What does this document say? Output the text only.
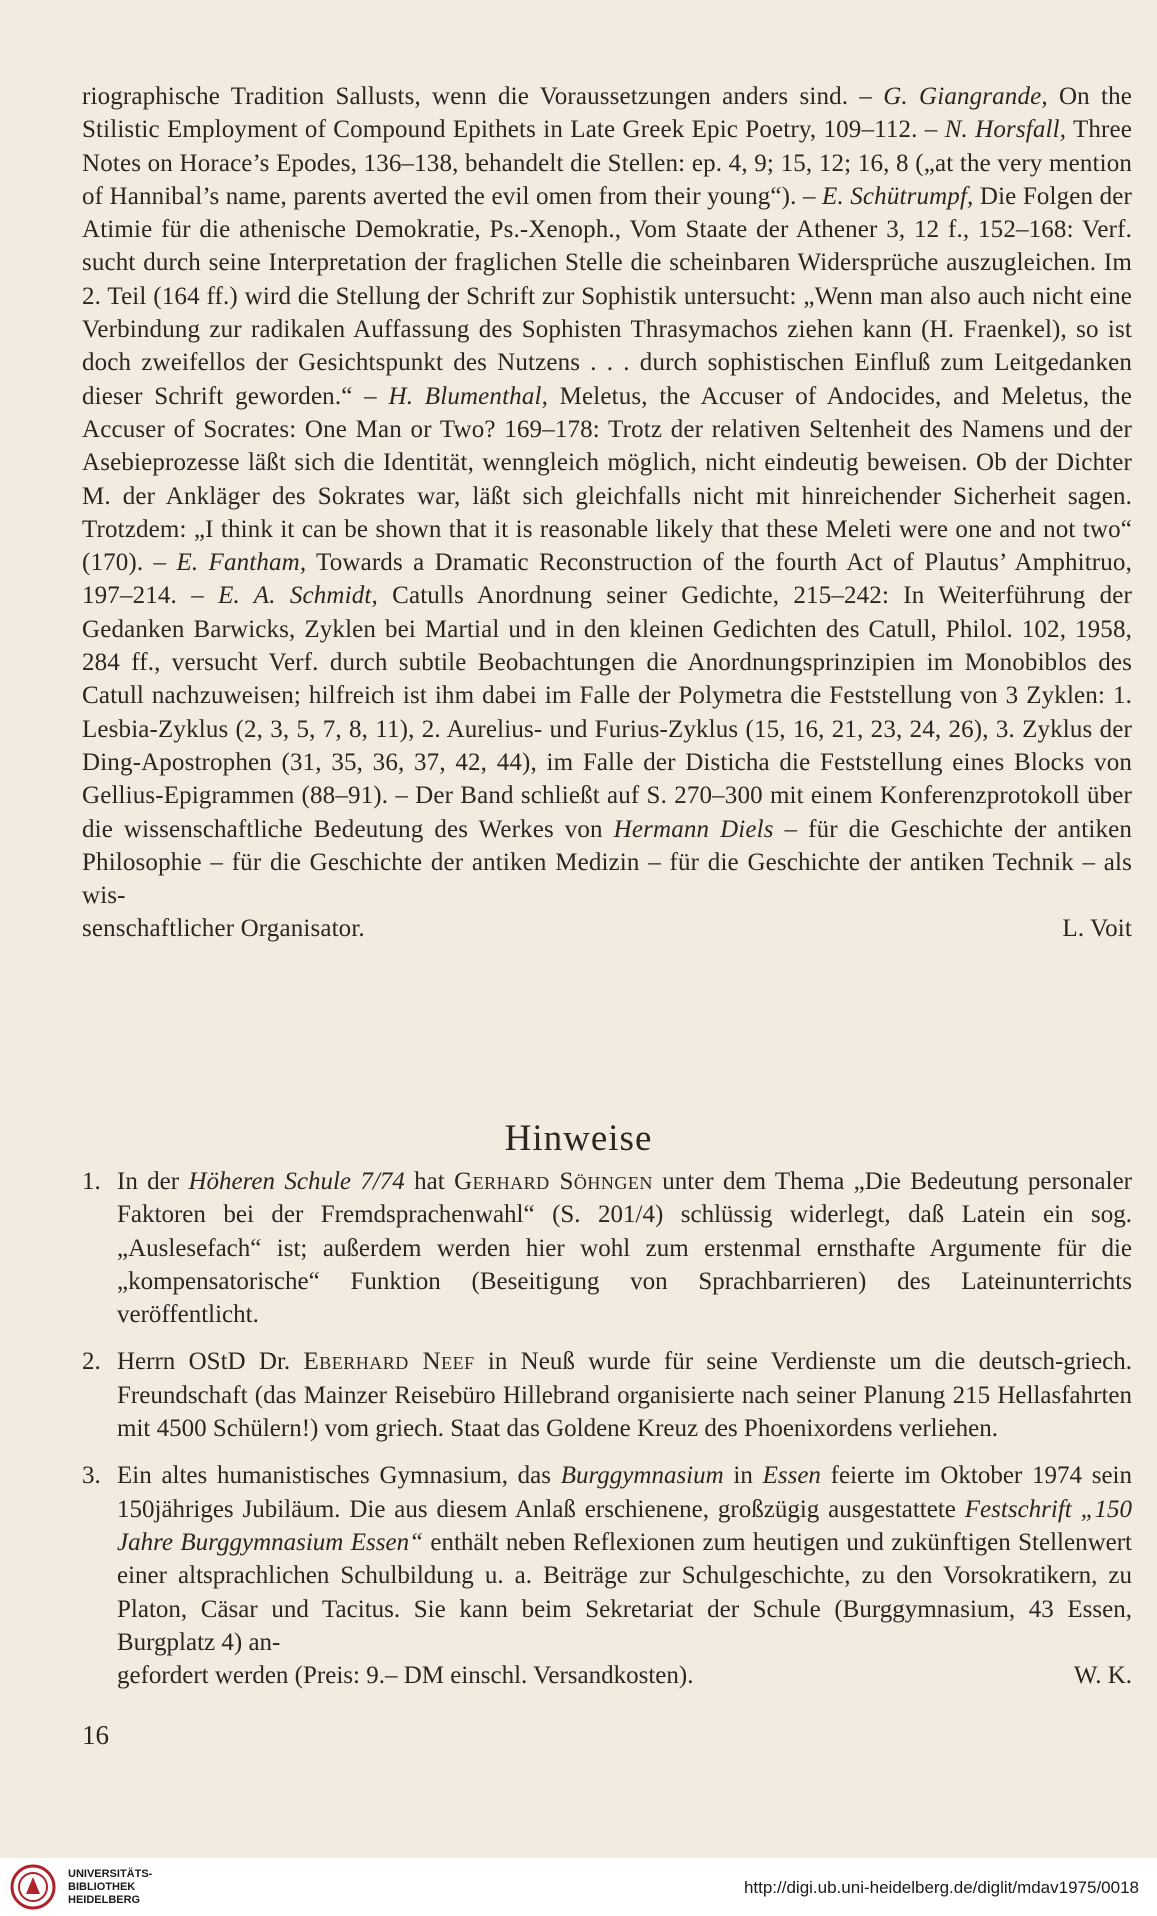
riographische Tradition Sallusts, wenn die Voraussetzungen anders sind. – G. Giangrande, On the Stilistic Employment of Compound Epithets in Late Greek Epic Poetry, 109–112. – N. Horsfall, Three Notes on Horace’s Epodes, 136–138, behandelt die Stellen: ep. 4, 9; 15, 12; 16, 8 („at the very mention of Hannibal’s name, parents averted the evil omen from their young“). – E. Schütrumpf, Die Folgen der Atimie für die athenische Demokratie, Ps.-Xenoph., Vom Staate der Athener 3, 12 f., 152–168: Verf. sucht durch seine Interpretation der fraglichen Stelle die scheinbaren Widersprüche auszugleichen. Im 2. Teil (164 ff.) wird die Stellung der Schrift zur Sophistik untersucht: „Wenn man also auch nicht eine Verbindung zur radikalen Auffassung des Sophisten Thrasymachos ziehen kann (H. Fraenkel), so ist doch zweifellos der Gesichtspunkt des Nutzens . . . durch sophistischen Einfluß zum Leitgedanken dieser Schrift geworden.“ – H. Blumenthal, Meletus, the Accuser of Andocides, and Meletus, the Accuser of Socrates: One Man or Two? 169–178: Trotz der relativen Seltenheit des Namens und der Asebieprozesse läßt sich die Identität, wenngleich möglich, nicht eindeutig beweisen. Ob der Dichter M. der Ankläger des Sokrates war, läßt sich gleichfalls nicht mit hinreichender Sicherheit sagen. Trotzdem: „I think it can be shown that it is reasonable likely that these Meleti were one and not two“ (170). – E. Fantham, Towards a Dramatic Reconstruction of the fourth Act of Plautus’ Amphitruo, 197–214. – E. A. Schmidt, Catulls Anordnung seiner Gedichte, 215–242: In Weiterführung der Gedanken Barwicks, Zyklen bei Martial und in den kleinen Gedichten des Catull, Philol. 102, 1958, 284 ff., versucht Verf. durch subtile Beobachtungen die Anordnungsprinzipien im Monobiblos des Catull nachzuweisen; hilfreich ist ihm dabei im Falle der Polymetra die Feststellung von 3 Zyklen: 1. Lesbia-Zyklus (2, 3, 5, 7, 8, 11), 2. Aurelius- und Furius-Zyklus (15, 16, 21, 23, 24, 26), 3. Zyklus der Ding-Apostrophen (31, 35, 36, 37, 42, 44), im Falle der Disticha die Feststellung eines Blocks von Gellius-Epigrammen (88–91). – Der Band schließt auf S. 270–300 mit einem Konferenzprotokoll über die wissenschaftliche Bedeutung des Werkes von Hermann Diels – für die Geschichte der antiken Philosophie – für die Geschichte der antiken Medizin – für die Geschichte der antiken Technik – als wis-

senschaftlicher Organisator.	L. Voit
Hinweise
1. In der Höheren Schule 7/74 hat Gerhard Söhngen unter dem Thema „Die Bedeutung personaler Faktoren bei der Fremdsprachenwahl“ (S. 201/4) schlüssig widerlegt, daß Latein ein sog. „Auslesefach“ ist; außerdem werden hier wohl zum erstenmal ernsthafte Argumente für die „kompensatorische“ Funktion (Beseitigung von Sprachbarrieren) des Lateinunterrichts veröffentlicht.
2. Herrn OStD Dr. Eberhard Neef in Neuß wurde für seine Verdienste um die deutsch-griech. Freundschaft (das Mainzer Reisebüro Hillebrand organisierte nach seiner Planung 215 Hellasfahrten mit 4500 Schülern!) vom griech. Staat das Goldene Kreuz des Phoenixordens verliehen.
3. Ein altes humanistisches Gymnasium, das Burggymnasium in Essen feierte im Oktober 1974 sein 150jähriges Jubiläum. Die aus diesem Anlaß erschienene, großzügig ausgestattete Festschrift „150 Jahre Burggymnasium Essen“ enthält neben Reflexionen zum heutigen und zukünftigen Stellenwert einer altsprachlichen Schulbildung u. a. Beiträge zur Schulgeschichte, zu den Vorsokratikern, zu Platon, Cäsar und Tacitus. Sie kann beim Sekretariat der Schule (Burggymnasium, 43 Essen, Burgplatz 4) an-
gefordert werden (Preis: 9.– DM einschl. Versandkosten).	W. K.
16
UNIVERSITÄTS-
BIBLIOTHEK
HEIDELBERG
http://digi.ub.uni-heidelberg.de/diglit/mdav1975/0018
